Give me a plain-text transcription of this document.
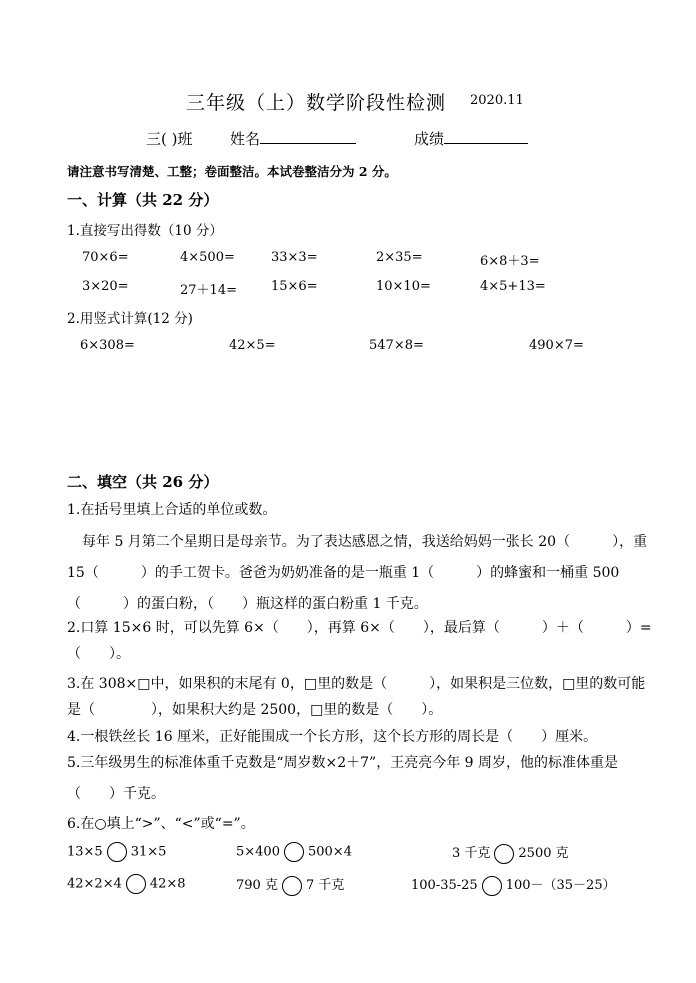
三年级（上）数学阶段性检测 2020.11
三( )班	姓名	成绩
请注意书写清楚、工整；卷面整洁。本试卷整洁分为 2 分。
一、计算（共 22 分）
1.直接写出得数（10 分）
70×6=	4×500=	33×3=	2×35=	6×8＋3=
3×20=	27＋14=	15×6=	10×10=	4×5+13=
2.用竖式计算(12 分)
6×308=	42×5=	547×8=	490×7=
二、填空（共 26 分）
1.在括号里填上合适的单位或数。
每年 5 月第二个星期日是母亲节。为了表达感恩之情，我送给妈妈一张长 20（　　　），重
15（　　　）的手工贺卡。爸爸为奶奶准备的是一瓶重 1（　　　）的蜂蜜和一桶重 500
（　　　）的蛋白粉，（　　）瓶这样的蛋白粉重 1 千克。
2.口算 15×6 时，可以先算 6×（　　），再算 6×（　　），最后算（　　　）＋（　　　）=
（　　）。
3.在 308×□中，如果积的末尾有 0，□里的数是（　　　），如果积是三位数，□里的数可能
是（　　　　），如果积大约是 2500，□里的数是（　　）。
4.一根铁丝长 16 厘米，正好能围成一个长方形，这个长方形的周长是（　　）厘米。
5.三年级男生的标准体重千克数是“周岁数×2＋7”，王亮亮今年 9 周岁，他的标准体重是
（　　）千克。
6.在○填上“>”、“<”或“=”。
13×5 31×5	5×400 500×4	3 千克 2500 克
42×2×4 42×8	790 克 7 千克	100-35-25 100－（35－25）
